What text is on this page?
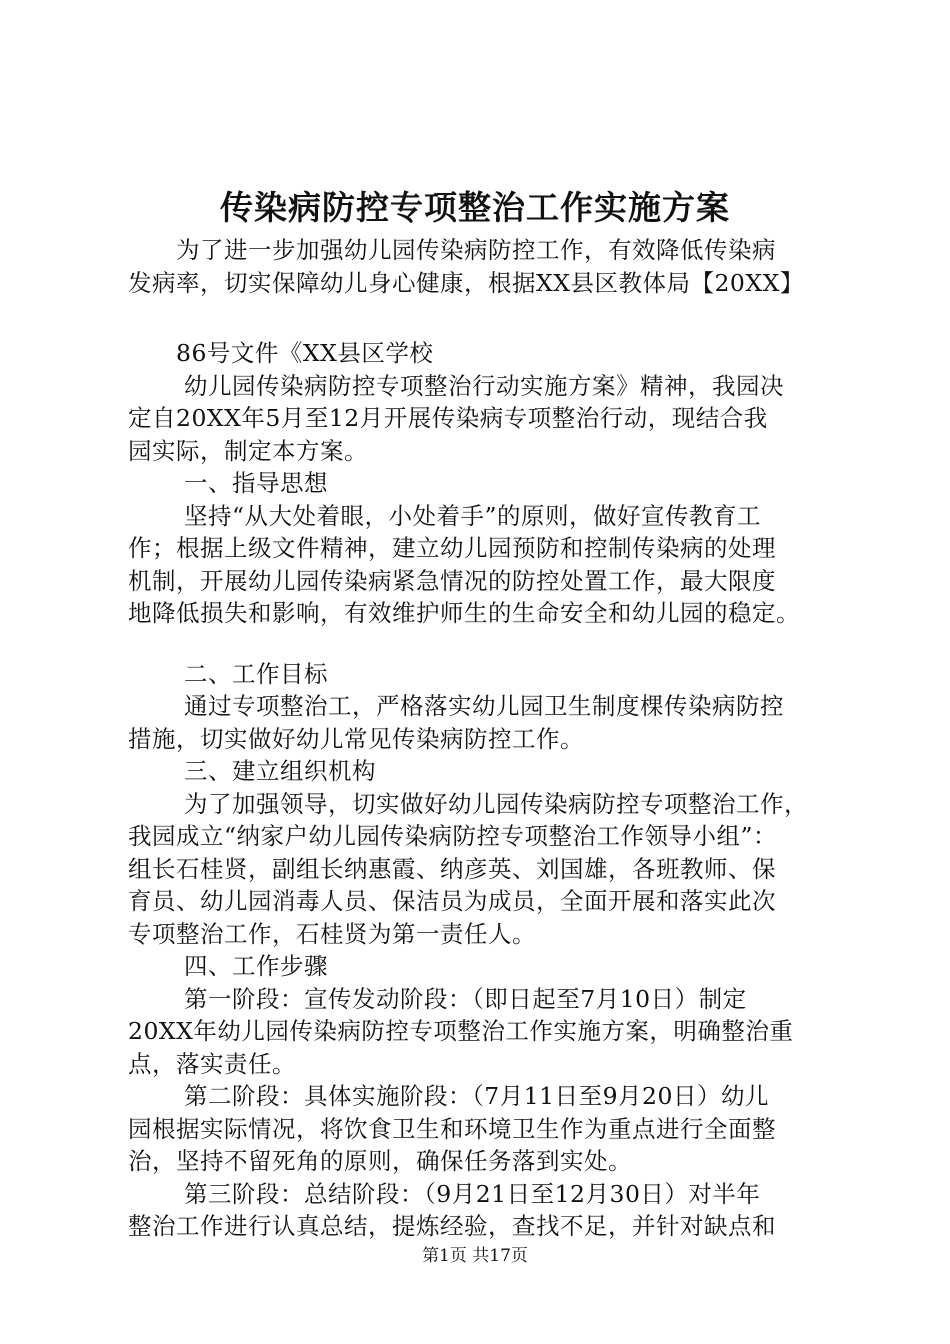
传染病防控专项整治工作实施方案
为了进一步加强幼儿园传染病防控工作，有效降低传染病
发病率，切实保障幼儿身心健康，根据XX县区教体局【20XX】
86号文件《XX县区学校
幼儿园传染病防控专项整治行动实施方案》精神，我园决
定自20XX年5月至12月开展传染病专项整治行动，现结合我
园实际，制定本方案。
一、指导思想
坚持“从大处着眼，小处着手”的原则，做好宣传教育工
作；根据上级文件精神，建立幼儿园预防和控制传染病的处理
机制，开展幼儿园传染病紧急情况的防控处置工作，最大限度
地降低损失和影响，有效维护师生的生命安全和幼儿园的稳定。
二、工作目标
通过专项整治工，严格落实幼儿园卫生制度棵传染病防控
措施，切实做好幼儿常见传染病防控工作。
三、建立组织机构
为了加强领导，切实做好幼儿园传染病防控专项整治工作，
我园成立“纳家户幼儿园传染病防控专项整治工作领导小组”：
组长石桂贤，副组长纳惠霞、纳彦英、刘国雄，各班教师、保
育员、幼儿园消毒人员、保洁员为成员，全面开展和落实此次
专项整治工作，石桂贤为第一责任人。
四、工作步骤
第一阶段：宣传发动阶段：（即日起至7月10日）制定
20XX年幼儿园传染病防控专项整治工作实施方案，明确整治重
点，落实责任。
第二阶段：具体实施阶段：（7月11日至9月20日）幼儿
园根据实际情况，将饮食卫生和环境卫生作为重点进行全面整
治，坚持不留死角的原则，确保任务落到实处。
第三阶段：总结阶段：（9月21日至12月30日）对半年
整治工作进行认真总结，提炼经验，查找不足，并针对缺点和
第1页 共17页
